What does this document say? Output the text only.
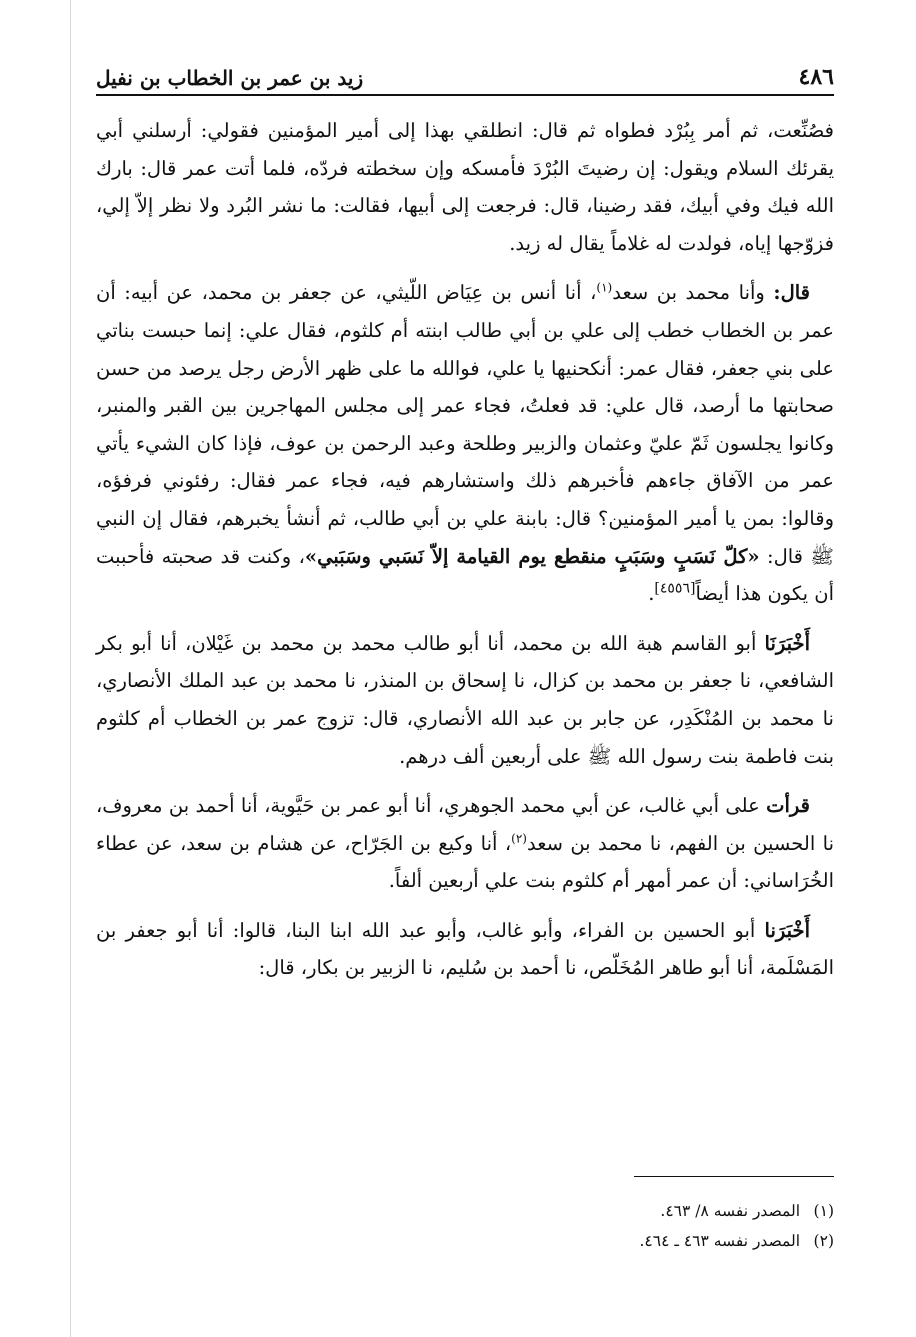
٤٨٦
زيد بن عمر بن الخطاب بن نفيل

فصُنِّعت، ثم أمر بِبُرْد فطواه ثم قال: انطلقي بهذا إلى أمير المؤمنين فقولي: أرسلني أبي يقرئك السلام ويقول: إن رضيتَ البُرْدَ فأمسكه وإن سخطته فردّه، فلما أتت عمر قال: بارك الله فيك وفي أبيك، فقد رضينا، قال: فرجعت إلى أبيها، فقالت: ما نشر البُرد ولا نظر إلاّ إلي، فزوّجها إياه، فولدت له غلاماً يقال له زيد.

قال: وأنا محمد بن سعد$^{(١)}$، أنا أنس بن عِيَاض اللّيثي، عن جعفر بن محمد، عن أبيه: أن عمر بن الخطاب خطب إلى علي بن أبي طالب ابنته أم كلثوم، فقال علي: إنما حبست بناتي على بني جعفر، فقال عمر: أنكحنيها يا علي، فوالله ما على ظهر الأرض رجل يرصد من حسن صحابتها ما أرصد، قال علي: قد فعلتُ، فجاء عمر إلى مجلس المهاجرين بين القبر والمنبر، وكانوا يجلسون ثَمّ عليّ وعثمان والزبير وطلحة وعبد الرحمن بن عوف، فإذا كان الشيء يأتي عمر من الآفاق جاءهم فأخبرهم ذلك واستشارهم فيه، فجاء عمر فقال: رفئوني فرفؤه، وقالوا: بمن يا أمير المؤمنين؟ قال: بابنة علي بن أبي طالب، ثم أنشأ يخبرهم، فقال إن النبي ﷺ قال: «كلّ نَسَبٍ وسَبَبٍ منقطع يوم القيامة إلاّ نَسَبي وسَبَبي»، وكنت قد صحبته فأحببت أن يكون هذا أيضاً[٤٥٥٦].

أَخْبَرَنَا أبو القاسم هبة الله بن محمد، أنا أبو طالب محمد بن محمد بن غَيْلان، أنا أبو بكر الشافعي، نا جعفر بن محمد بن كزال، نا إسحاق بن المنذر، نا محمد بن عبد الملك الأنصاري، نا محمد بن المُنْكَدِر، عن جابر بن عبد الله الأنصاري، قال: تزوج عمر بن الخطاب أم كلثوم بنت فاطمة بنت رسول الله ﷺ على أربعين ألف درهم.

قرأت على أبي غالب، عن أبي محمد الجوهري، أنا أبو عمر بن حَيَّوية، أنا أحمد بن معروف، نا الحسين بن الفهم، نا محمد بن سعد$^{(٢)}$، أنا وكيع بن الجَرّاح، عن هشام بن سعد، عن عطاء الخُرَاساني: أن عمر أمهر أم كلثوم بنت علي أربعين ألفاً.

أَخْبَرَنا أبو الحسين بن الفراء، وأبو غالب، وأبو عبد الله ابنا البنا، قالوا: أنا أبو جعفر بن المَسْلَمة، أنا أبو طاهر المُخَلّص، نا أحمد بن سُليم، نا الزبير بن بكار، قال:

(١)المصدر نفسه ٨/ ٤٦٣.
(٢)المصدر نفسه ٤٦٣ ـ ٤٦٤.
